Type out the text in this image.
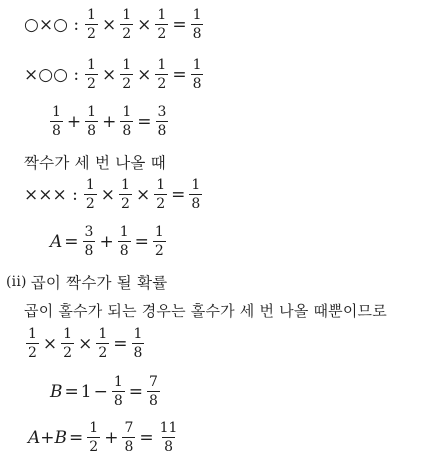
○×○ : $\frac{1}{2} \times \frac{1}{2} \times \frac{1}{2} = \frac{1}{8}$
×○○ : $\frac{1}{2} \times \frac{1}{2} \times \frac{1}{2} = \frac{1}{8}$
$\frac{1}{8} + \frac{1}{8} + \frac{1}{8} = \frac{3}{8}$
짝수가 세 번 나올 때
××× : $\frac{1}{2} \times \frac{1}{2} \times \frac{1}{2} = \frac{1}{8}$
$A = \frac{3}{8} + \frac{1}{8} = \frac{1}{2}$
(ii) 곱이 짝수가 될 확률
곱이 홀수가 되는 경우는 홀수가 세 번 나올 때뿐이므로
$\frac{1}{2} \times \frac{1}{2} \times \frac{1}{2} = \frac{1}{8}$
$B = 1 - \frac{1}{8} = \frac{7}{8}$
$A+B = \frac{1}{2} + \frac{7}{8} = \frac{11}{8}$
